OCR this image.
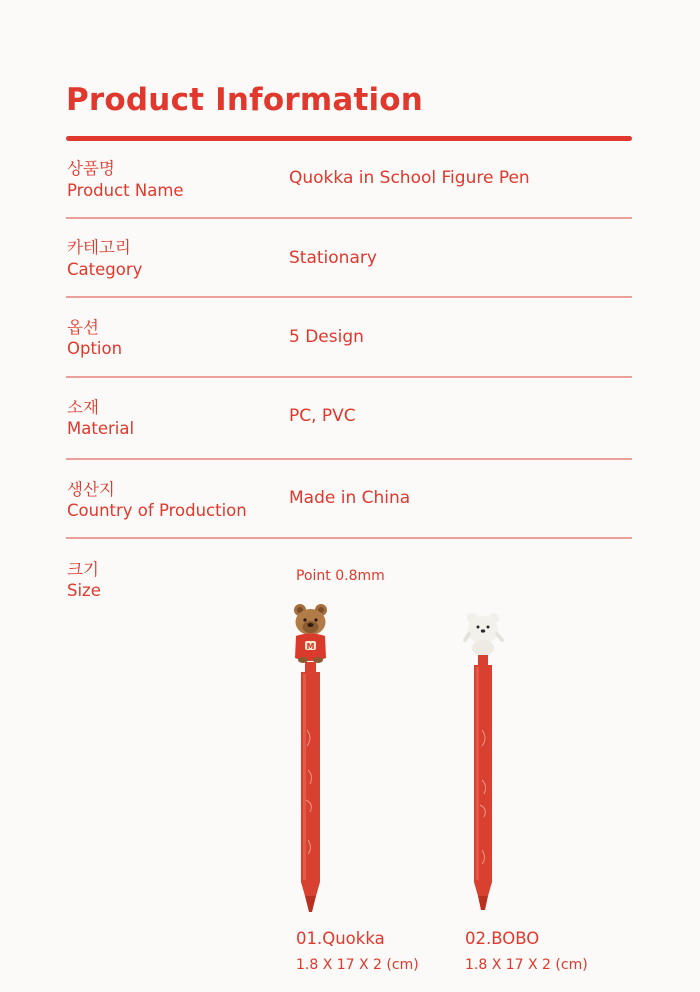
Product Information
상품명
Product Name
Quokka in School Figure Pen
카테고리
Category
Stationary
옵션
Option
5 Design
소재
Material
PC, PVC
생산지
Country of Production
Made in China
크기
Size
Point 0.8mm
M
01.Quokka
1.8 X 17 X 2 (cm)
02.BOBO
1.8 X 17 X 2 (cm)
